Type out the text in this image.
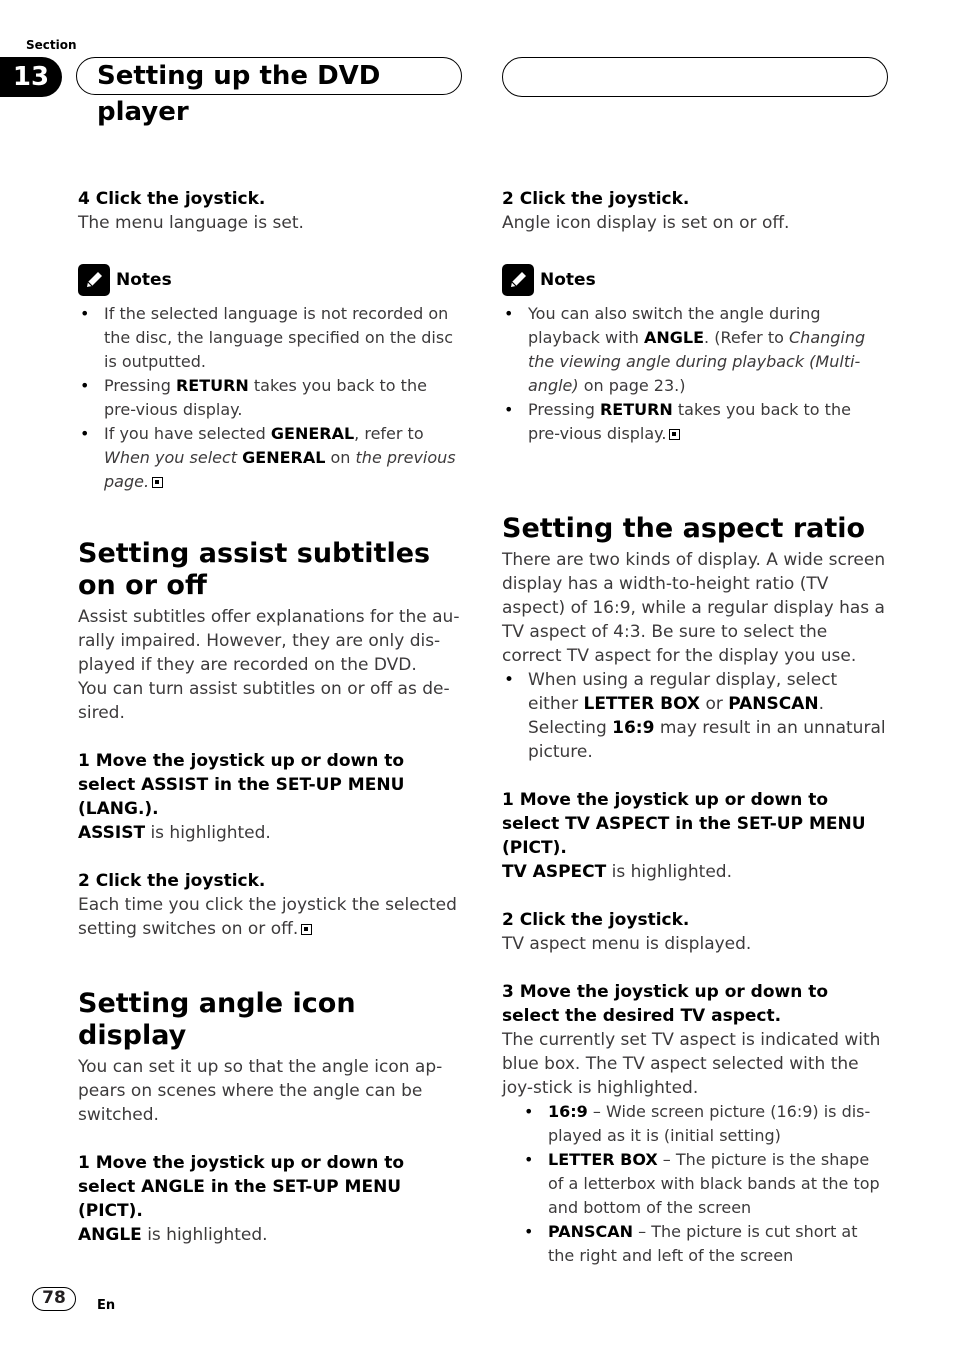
Section
13	Setting up the DVD player
4 Click the joystick.
The menu language is set.
Notes
• If the selected language is not recorded on the disc, the language specified on the disc is outputted.
• Pressing RETURN takes you back to the pre-vious display.
• If you have selected GENERAL, refer to When you select GENERAL on the previous page.
Setting assist subtitles on or off
Assist subtitles offer explanations for the au-rally impaired. However, they are only dis-played if they are recorded on the DVD.
You can turn assist subtitles on or off as de-sired.
1 Move the joystick up or down to select ASSIST in the SET-UP MENU (LANG.).
ASSIST is highlighted.
2 Click the joystick.
Each time you click the joystick the selected setting switches on or off.
Setting angle icon display
You can set it up so that the angle icon ap-pears on scenes where the angle can be switched.
1 Move the joystick up or down to select ANGLE in the SET-UP MENU (PICT).
ANGLE is highlighted.
2 Click the joystick.
Angle icon display is set on or off.
Notes
• You can also switch the angle during playback with ANGLE. (Refer to Changing the viewing angle during playback (Multi-angle) on page 23.)
• Pressing RETURN takes you back to the pre-vious display.
Setting the aspect ratio
There are two kinds of display. A wide screen display has a width-to-height ratio (TV aspect) of 16:9, while a regular display has a TV aspect of 4:3. Be sure to select the correct TV aspect for the display you use.
• When using a regular display, select either LETTER BOX or PANSCAN. Selecting 16:9 may result in an unnatural picture.
1 Move the joystick up or down to select TV ASPECT in the SET-UP MENU (PICT).
TV ASPECT is highlighted.
2 Click the joystick.
TV aspect menu is displayed.
3 Move the joystick up or down to select the desired TV aspect.
The currently set TV aspect is indicated with blue box. The TV aspect selected with the joy-stick is highlighted.
• 16:9 – Wide screen picture (16:9) is dis-played as it is (initial setting)
• LETTER BOX – The picture is the shape of a letterbox with black bands at the top and bottom of the screen
• PANSCAN – The picture is cut short at the right and left of the screen
78	En
